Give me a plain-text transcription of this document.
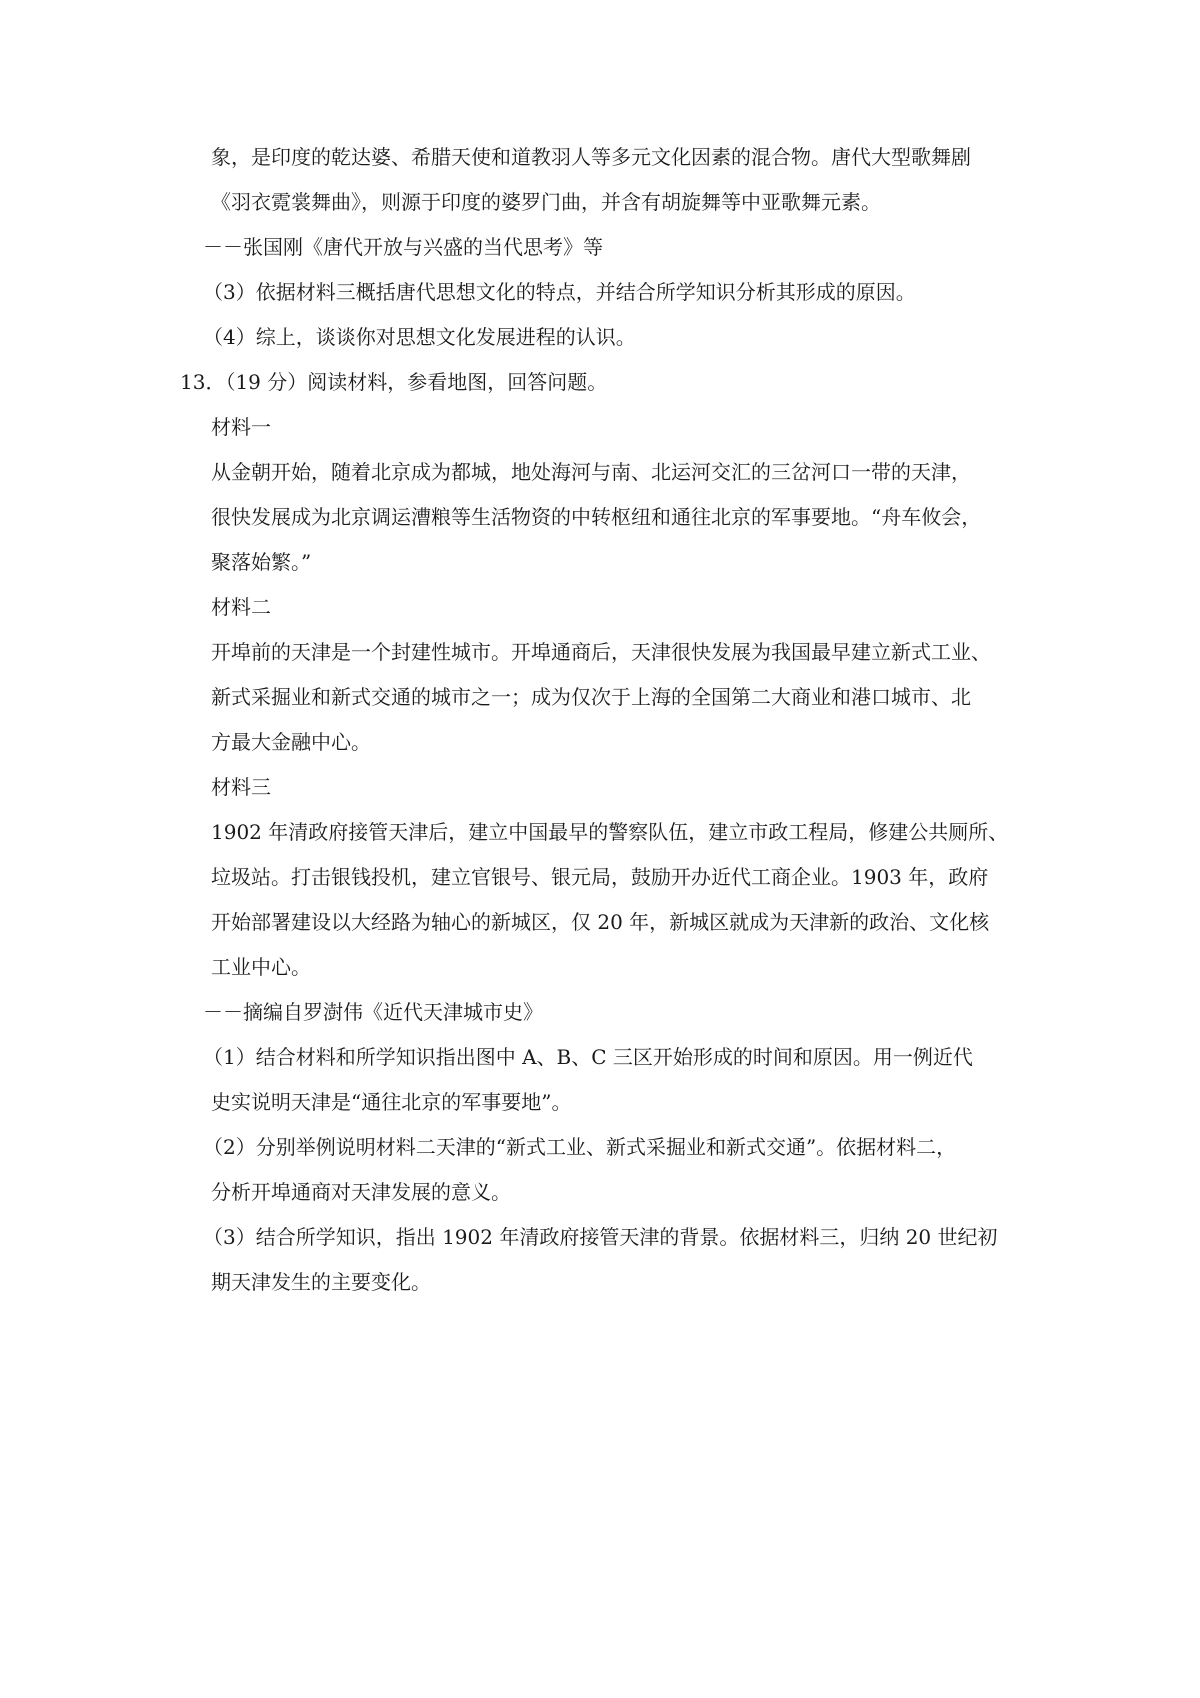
象，是印度的乾达婆、希腊天使和道教羽人等多元文化因素的混合物。唐代大型歌舞剧
《羽衣霓裳舞曲》，则源于印度的婆罗门曲，并含有胡旋舞等中亚歌舞元素。
－－张国刚《唐代开放与兴盛的当代思考》等
（3）依据材料三概括唐代思想文化的特点，并结合所学知识分析其形成的原因。
（4）综上，谈谈你对思想文化发展进程的认识。
13．（19 分）阅读材料，参看地图，回答问题。
材料一
从金朝开始，随着北京成为都城，地处海河与南、北运河交汇的三岔河口一带的天津，
很快发展成为北京调运漕粮等生活物资的中转枢纽和通往北京的军事要地。“舟车攸会，
聚落始繁。”
材料二
开埠前的天津是一个封建性城市。开埠通商后，天津很快发展为我国最早建立新式工业、
新式采掘业和新式交通的城市之一；成为仅次于上海的全国第二大商业和港口城市、北
方最大金融中心。
材料三
1902 年清政府接管天津后，建立中国最早的警察队伍，建立市政工程局，修建公共厕所、
垃圾站。打击银钱投机，建立官银号、银元局，鼓励开办近代工商企业。1903 年，政府
开始部署建设以大经路为轴心的新城区，仅 20 年，新城区就成为天津新的政治、文化核
工业中心。
－－摘编自罗澍伟《近代天津城市史》
（1）结合材料和所学知识指出图中 A、B、C 三区开始形成的时间和原因。用一例近代
史实说明天津是“通往北京的军事要地”。
（2）分别举例说明材料二天津的“新式工业、新式采掘业和新式交通”。依据材料二，
分析开埠通商对天津发展的意义。
（3）结合所学知识，指出 1902 年清政府接管天津的背景。依据材料三，归纳 20 世纪初
期天津发生的主要变化。
